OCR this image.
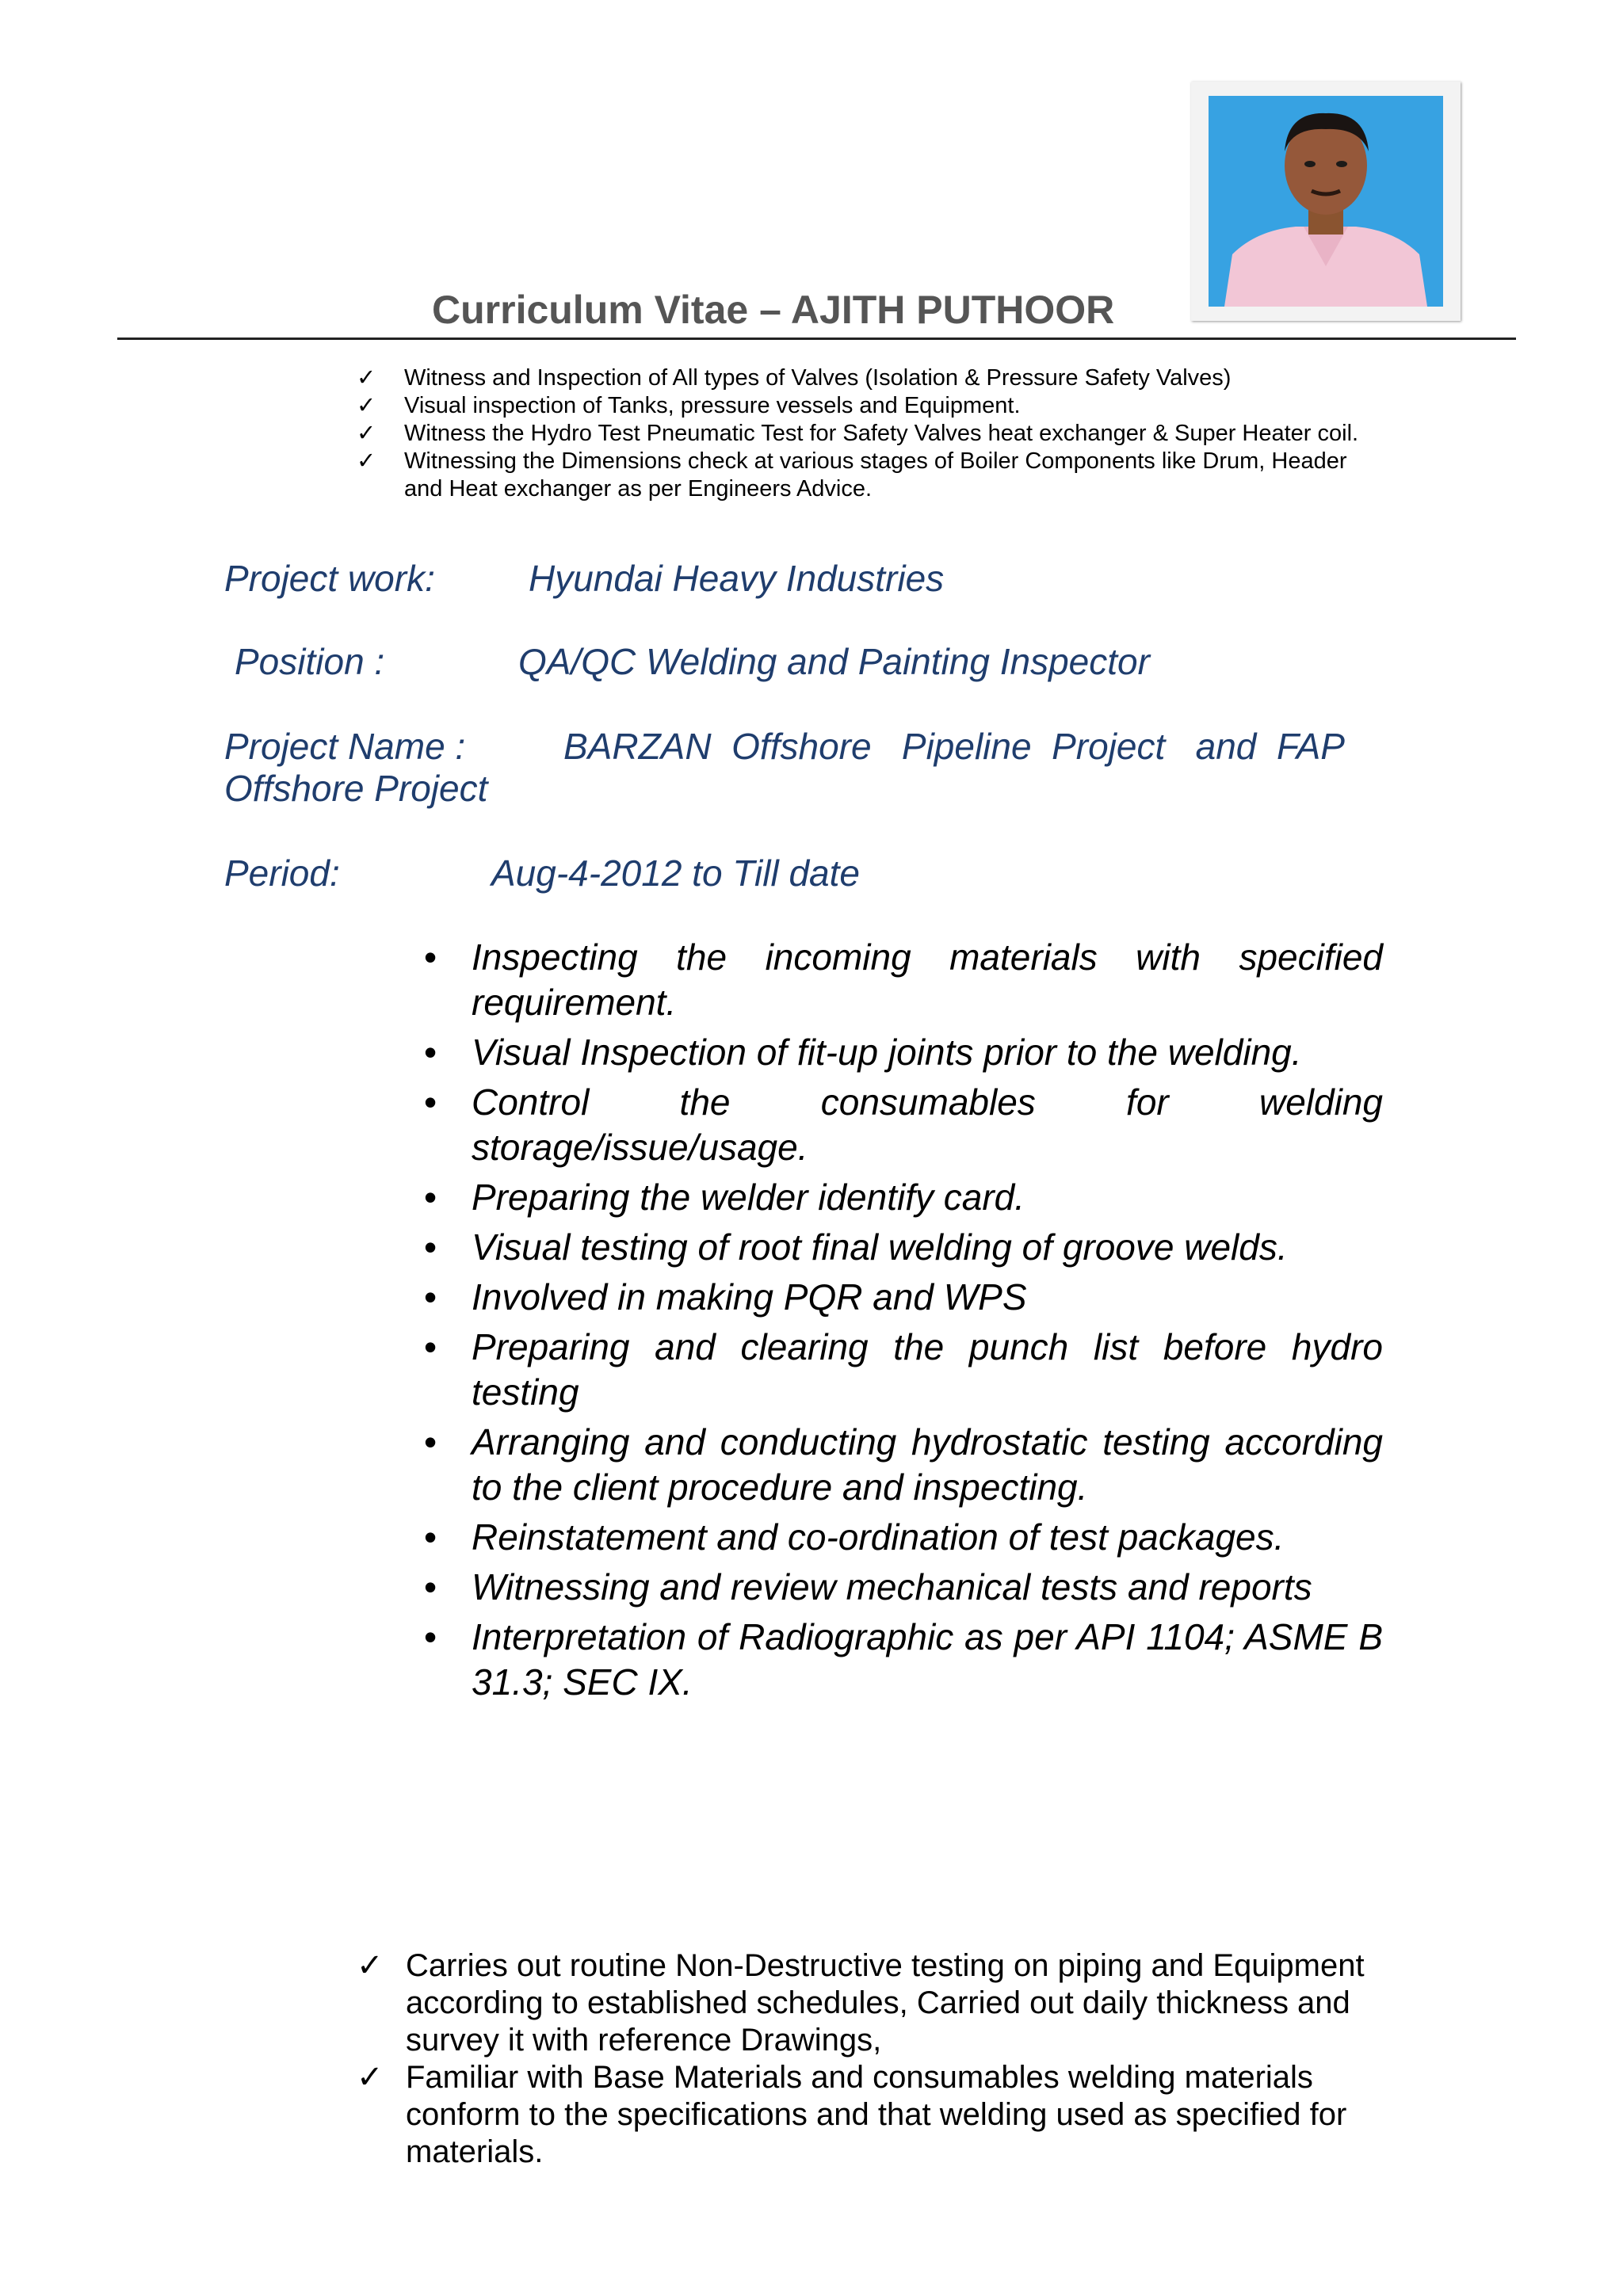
Curriculum Vitae – AJITH PUTHOOR
✓ Witness and Inspection of All types of Valves (Isolation & Pressure Safety Valves)
✓ Visual inspection of Tanks, pressure vessels and Equipment.
✓ Witness the Hydro Test Pneumatic Test for Safety Valves heat exchanger & Super Heater coil.
✓ Witnessing the Dimensions check at various stages of Boiler Components like Drum, Header and Heat exchanger as per Engineers Advice.
Project work:	Hyundai Heavy Industries
Position :	QA/QC Welding and Painting Inspector
Project Name :	BARZAN  Offshore   Pipeline  Project   and  FAP
Offshore Project
Period:	Aug-4-2012 to Till date
• Inspecting the incoming materials with specified requirement.
• Visual Inspection of fit-up joints prior to the welding.
• Control the consumables for welding storage/issue/usage.
• Preparing the welder identify card.
• Visual testing of root final welding of groove welds.
• Involved in making PQR and WPS
• Preparing and clearing the punch list before hydro testing
• Arranging and conducting hydrostatic testing according to the client procedure and inspecting.
• Reinstatement and co-ordination of test packages.
• Witnessing and review mechanical tests and reports
• Interpretation of Radiographic as per API 1104; ASME B 31.3; SEC IX.
✓ Carries out routine Non-Destructive testing on piping and Equipment according to established schedules, Carried out daily thickness and survey it with reference Drawings,
✓ Familiar with Base Materials and consumables welding materials conform to the specifications and that welding used as specified for materials.
